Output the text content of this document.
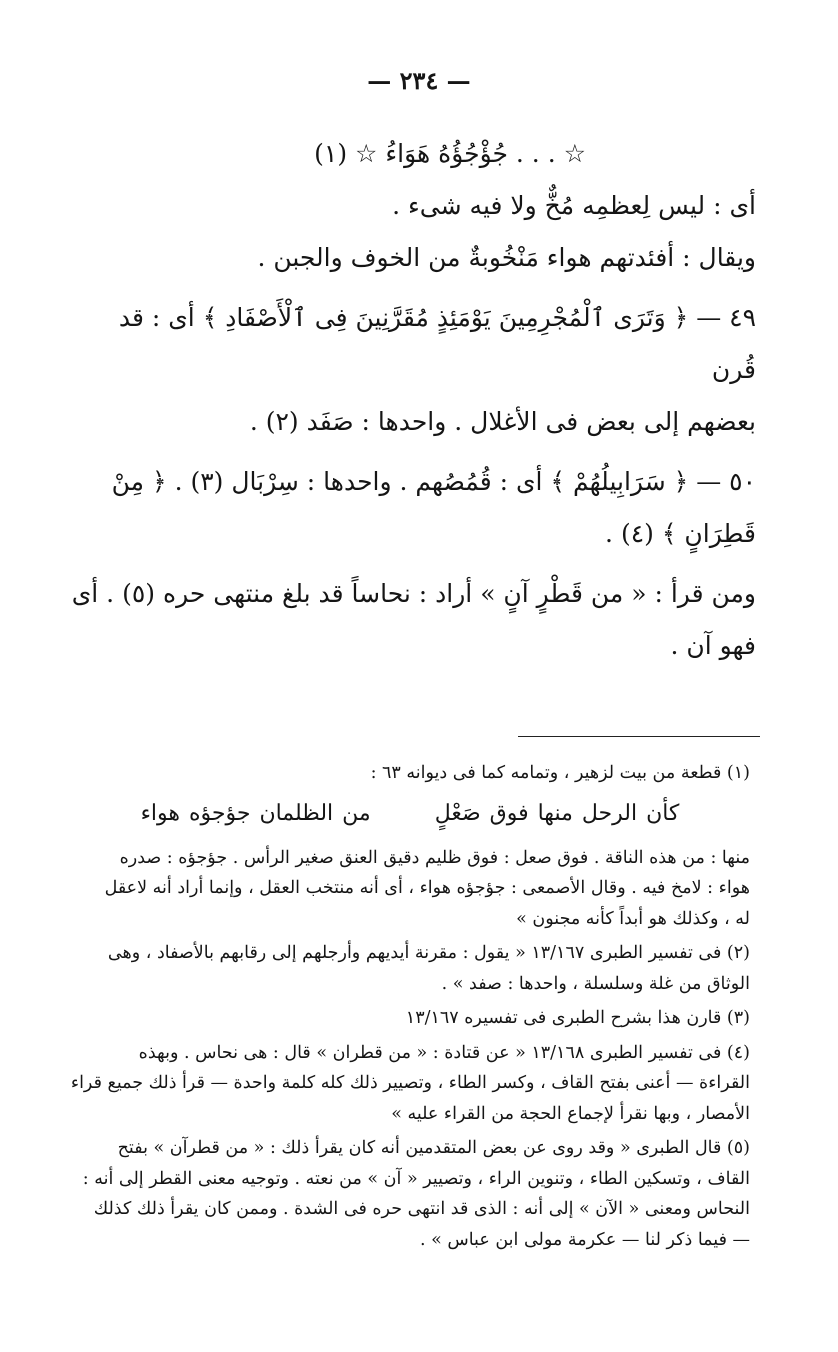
— ٢٣٤ —

☆ . . . جُؤْجُؤُهُ هَوَاءُ ☆ (١)

أى : ليس لِعظمِه مُخٌّ ولا فيه شىء .

ويقال : أفئدتهم هواء مَنْخُوبةٌ من الخوف والجبن .

٤٩ — ﴿ وَتَرَى ٱلْمُجْرِمِينَ يَوْمَئِذٍ مُقَرَّنِينَ فِى ٱلْأَصْفَادِ ﴾ أى : قد قُرن

بعضهم إلى بعض فى الأغلال . واحدها : صَفَد (٢) .

٥٠ — ﴿ سَرَابِيلُهُمْ ﴾ أى : قُمُصُهم . واحدها : سِرْبَال (٣) . ﴿ مِنْ

قَطِرَانٍ ﴾ (٤) .

ومن قرأ : « من قَطْرٍ آنٍ » أراد : نحاساً قد بلغ منتهى حره (٥) . أى فهو آن .

(١) قطعة من بيت لزهير ، وتمامه كما فى ديوانه ٦٣ :

كأن الرحل منها فوق صَعْلٍ  من الظلمان جؤجؤه هواء

منها : من هذه الناقة . فوق صعل : فوق ظليم دقيق العنق صغير الرأس . جؤجؤه : صدره

هواء : لامخ فيه . وقال الأصمعى : جؤجؤه هواء ، أى أنه منتخب العقل ، وإنما أراد أنه لاعقل

له ، وكذلك هو أبداً كأنه مجنون »

(٢) فى تفسير الطبرى ١٣/١٦٧ « يقول : مقرنة أيديهم وأرجلهم إلى رقابهم بالأصفاد ، وهى

الوثاق من غلة وسلسلة ، واحدها : صفد » .

(٣) قارن هذا بشرح الطبرى فى تفسيره ١٣/١٦٧

(٤) فى تفسير الطبرى ١٣/١٦٨ « عن قتادة : « من قطران » قال : هى نحاس . وبهذه

القراءة — أعنى بفتح القاف ، وكسر الطاء ، وتصيير ذلك كله كلمة واحدة — قرأ ذلك جميع قراء

الأمصار ، وبها نقرأ لإجماع الحجة من القراء عليه »

(٥) قال الطبرى « وقد روى عن بعض المتقدمين أنه كان يقرأ ذلك : « من قطرآن » بفتح

القاف ، وتسكين الطاء ، وتنوين الراء ، وتصيير « آن » من نعته . وتوجيه معنى القطر إلى أنه :

النحاس ومعنى « الآن » إلى أنه : الذى قد انتهى حره فى الشدة . وممن كان يقرأ ذلك كذلك

— فيما ذكر لنا — عكرمة مولى ابن عباس » .
